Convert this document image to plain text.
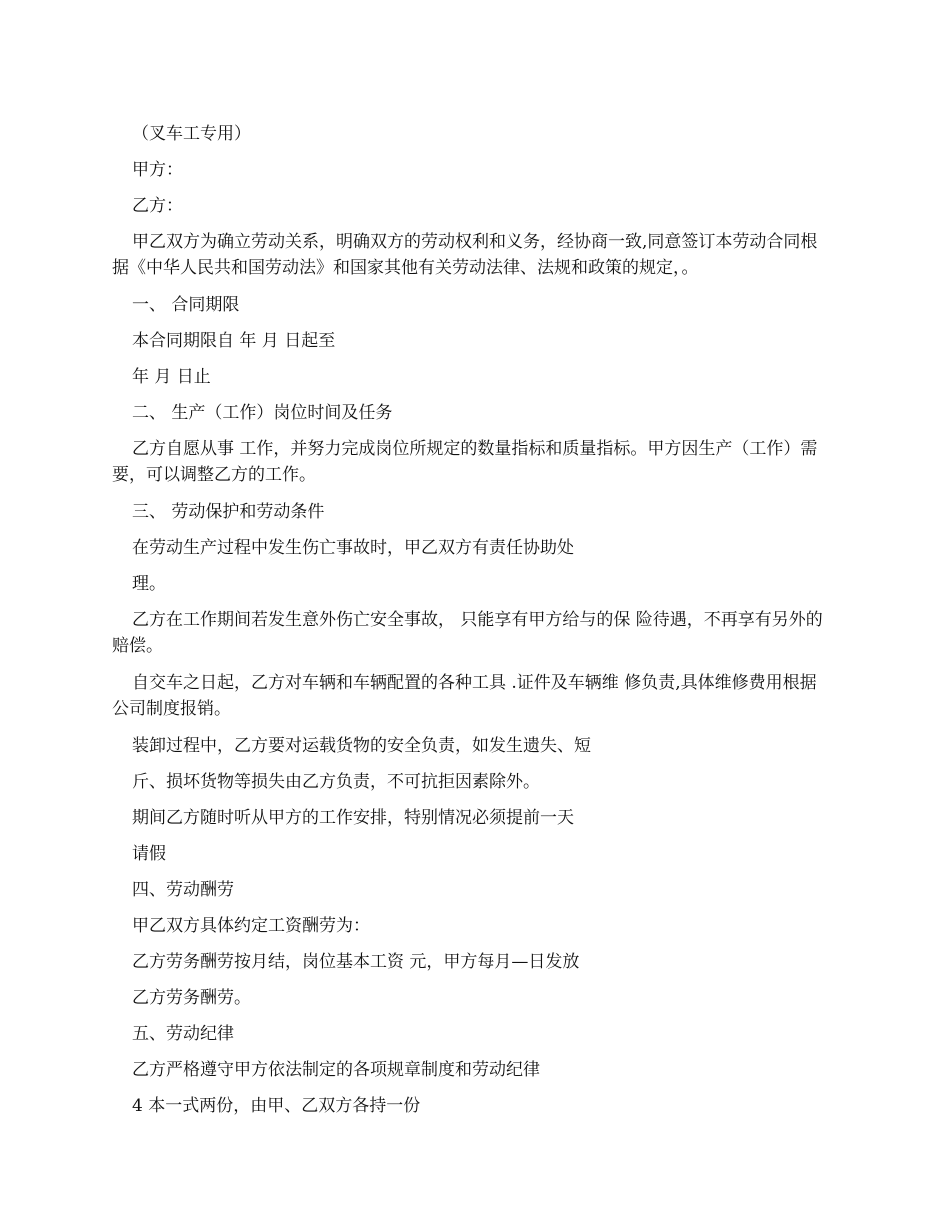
（叉车工专用）

甲方：

乙方：

甲乙双方为确立劳动关系，明确双方的劳动权利和义务，经协商一致,同意签订本劳动合同根据《中华人民共和国劳动法》和国家其他有关劳动法律、法规和政策的规定，。

一、 合同期限

本合同期限自 年 月 日起至

年 月 日止

二、 生产（工作）岗位时间及任务

乙方自愿从事 工作，并努力完成岗位所规定的数量指标和质量指标。甲方因生产（工作）需要，可以调整乙方的工作。

三、 劳动保护和劳动条件

在劳动生产过程中发生伤亡事故时，甲乙双方有责任协助处

理。

乙方在工作期间若发生意外伤亡安全事故， 只能享有甲方给与的保 险待遇，不再享有另外的赔偿。

自交车之日起，乙方对车辆和车辆配置的各种工具 .证件及车辆维 修负责,具体维修费用根据公司制度报销。

装卸过程中，乙方要对运载货物的安全负责，如发生遗失、短

斤、损坏货物等损失由乙方负责，不可抗拒因素除外。

期间乙方随时听从甲方的工作安排，特别情况必须提前一天

请假

四、劳动酬劳

甲乙双方具体约定工资酬劳为：

乙方劳务酬劳按月结，岗位基本工资 元，甲方每月—日发放

乙方劳务酬劳。

五、劳动纪律

乙方严格遵守甲方依法制定的各项规章制度和劳动纪律

4 本一式两份，由甲、乙双方各持一份
